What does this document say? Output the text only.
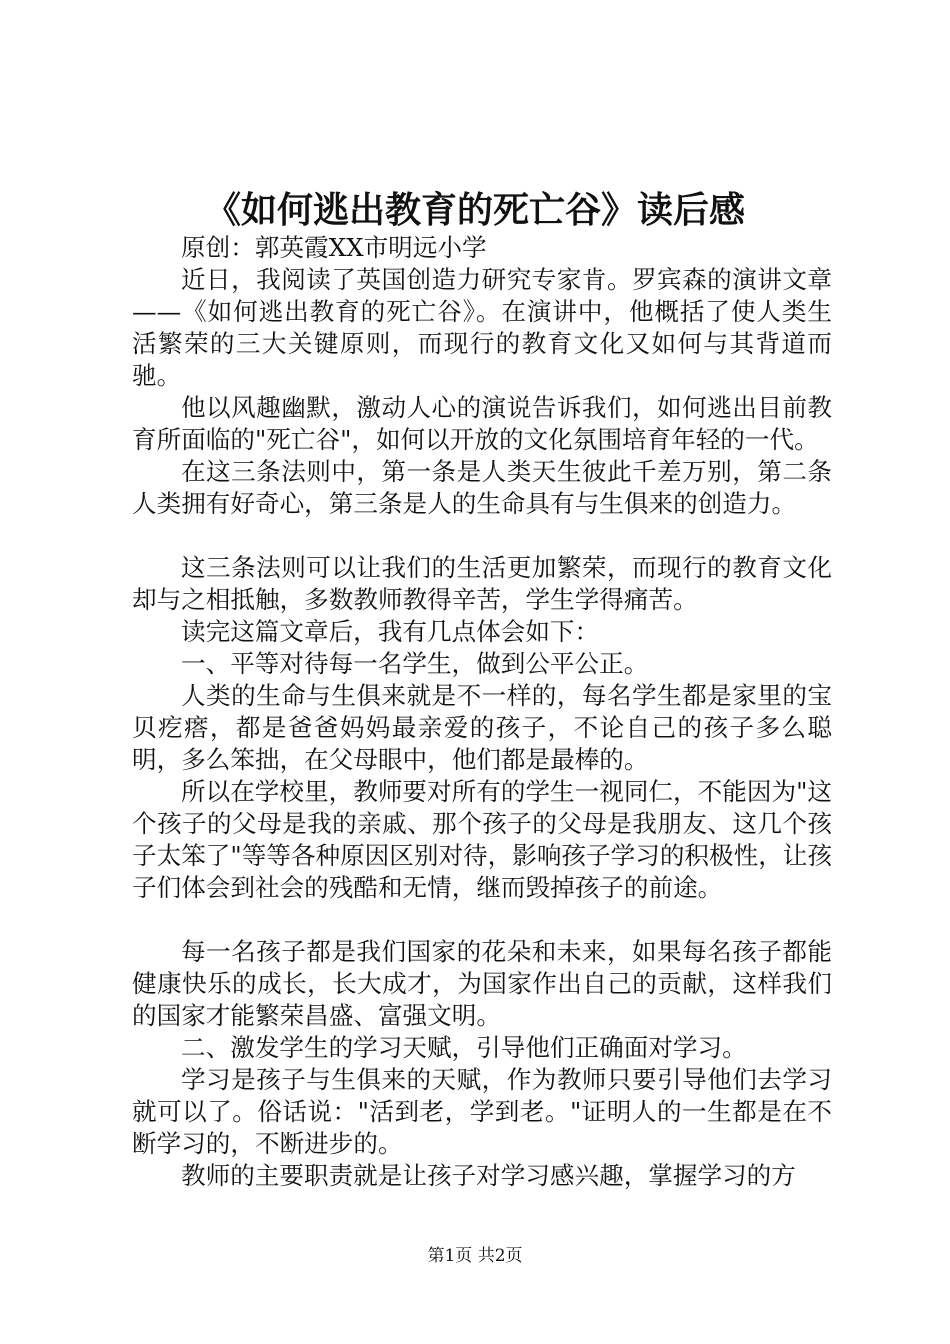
《如何逃出教育的死亡谷》读后感

原创：郭英霞XX市明远小学

近日，我阅读了英国创造力研究专家肯。罗宾森的演讲文章——《如何逃出教育的死亡谷》。在演讲中，他概括了使人类生活繁荣的三大关键原则，而现行的教育文化又如何与其背道而驰。

他以风趣幽默，激动人心的演说告诉我们，如何逃出目前教育所面临的"死亡谷"，如何以开放的文化氛围培育年轻的一代。

在这三条法则中，第一条是人类天生彼此千差万别，第二条人类拥有好奇心，第三条是人的生命具有与生俱来的创造力。

这三条法则可以让我们的生活更加繁荣，而现行的教育文化却与之相抵触，多数教师教得辛苦，学生学得痛苦。

读完这篇文章后，我有几点体会如下：

一、平等对待每一名学生，做到公平公正。

人类的生命与生俱来就是不一样的，每名学生都是家里的宝贝疙瘩，都是爸爸妈妈最亲爱的孩子，不论自己的孩子多么聪明，多么笨拙，在父母眼中，他们都是最棒的。

所以在学校里，教师要对所有的学生一视同仁，不能因为"这个孩子的父母是我的亲戚、那个孩子的父母是我朋友、这几个孩子太笨了"等等各种原因区别对待，影响孩子学习的积极性，让孩子们体会到社会的残酷和无情，继而毁掉孩子的前途。

每一名孩子都是我们国家的花朵和未来，如果每名孩子都能健康快乐的成长，长大成才，为国家作出自己的贡献，这样我们的国家才能繁荣昌盛、富强文明。

二、激发学生的学习天赋，引导他们正确面对学习。

学习是孩子与生俱来的天赋，作为教师只要引导他们去学习就可以了。俗话说："活到老，学到老。"证明人的一生都是在不断学习的，不断进步的。

教师的主要职责就是让孩子对学习感兴趣，掌握学习的方

第1页 共2页
